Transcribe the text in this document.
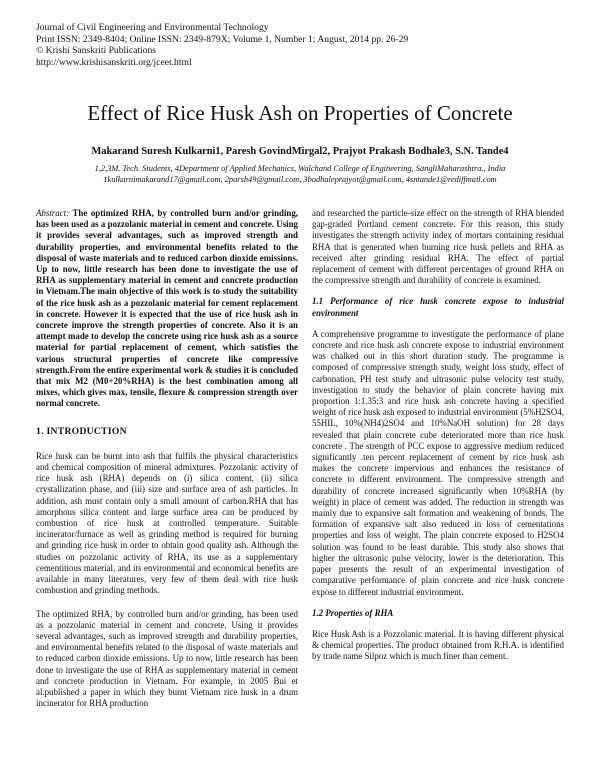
Journal of Civil Engineering and Environmental Technology
Print ISSN: 2349-8404; Online ISSN: 2349-879X; Volume 1, Number 1; August, 2014 pp. 26-29
© Krishi Sanskriti Publications
http://www.krishisanskriti.org/jceet.html
Effect of Rice Husk Ash on Properties of Concrete
Makarand Suresh Kulkarni1, Paresh GovindMirgal2, Prajyot Prakash Bodhale3, S.N. Tande4
1,2,3M. Tech. Students, 4Department of Applied Mechanics, Walchand College of Engineering, SangliMaharashtra., India
1kulkarnimakarand17@gmail.com, 2parsh49@gmail.com, 3bodhaleprajyot@gmail.com, 4sntande1@rediffmail.com

Abstract: The optimized RHA, by controlled burn and/or grinding, has been used as a pozzolanic material in cement and concrete. Using it provides several advantages, such as improved strength and durability properties, and environmental benefits related to the disposal of waste materials and to reduced carbon dioxide emissions. Up to now, little research has been done to investigate the use of RHA as supplementary material in cement and concrete production in Vietnam.The main objective of this work is to study the suitability of the rice husk ash as a pozzolanic material for cement replacement in concrete. However it is expected that the use of rice husk ash in concrete improve the strength properties of concrete. Also it is an attempt made to develop the concrete using rice husk ash as a source material for partial replacement of cement, which satisfies the various structural properties of concrete like compressive strength.From the entire experimental work & studies it is concluded that mix M2 (M0+20%RHA) is the best combination among all mixes, which gives max, tensile, flexure & compression strength over normal concrete.

1. INTRODUCTION

Rice husk can be burnt into ash that fulfils the physical characteristics and chemical composition of mineral admixtures. Pozzolanic activity of rice husk ash (RHA) depends on (i) silica content, (ii) silica crystallization phase, and (iii) size and surface area of ash particles. In addition, ash must contain only a small amount of carbon.RHA that has amorphous silica content and large surface area can be produced by combustion of rice husk at controlled temperature. Suitable incinerator/furnace as well as grinding method is required for burning and grinding rice husk in order to obtain good quality ash. Although the studies on pozzolanic activity of RHA, its use as a supplementary cementitious material, and its environmental and economical benefits are available in many literatures, very few of them deal with rice husk combustion and grinding methods.

The optimized RHA, by controlled burn and/or grinding, has been used as a pozzolanic material in cement and concrete. Using it provides several advantages, such as improved strength and durability properties, and environmental benefits related to the disposal of waste materials and to reduced carbon dioxide emissions. Up to now, little research has been done to investigate the use of RHA as supplementary material in cement and concrete production in Vietnam. For example, in 2005 Bui et al.published a paper in which they burnt Vietnam rice husk in a drum incinerator for RHA production

and researched the particle-size effect on the strength of RHA blended gap-graded Portland cement concrete. For this reason, this study investigates the strength activity index of mortars containing residual RHA that is generated when burning rice husk pellets and RHA as received after grinding residual RHA. The effect of partial replacement of cement with different percentages of ground RHA on the compressive strength and durability of concrete is examined.

1.1 Performance of rice husk concrete expose to industrial environment

A comprehensive programme to investigate the performance of plane concrete and rice husk ash concrete expose to industrial environment was chalked out in this short duration study. The programme is composed of compressive strength study, weight loss study, effect of carbonation, PH test study and ultrasonic pulse velocity test study, investigation to study the behavior of plain concrete having mix proportion 1:1.35:3 and rice husk ash concrete having a specified weight of rice husk ash exposed to industrial environment (5%H2SO4, 55HIL, 10%(NH4)2SO4 and 10%NaOH solution) for 28 days revealed that plain concrete cube deteriorated more than rice husk concrete . The strength of PCC expose to aggressive medium reduced significantly .ten percent replacement of cement by rice husk ash makes the concrete impervious and enhances the resistance of concrete to different environment. The compressive strength and durability of concrete increased significantly when 10%RHA (by weight) in place of cement was added. The reduction in strength was mainly due to expansive salt formation and weakening of bonds. The formation of expansive salt also reduced in loss of cementations properties and loss of weight. The plain concrete exposed to H2SO4 solution was found to be least durable. This study also shows that higher the ultrasonic pulse velocity, lower is the deterioration. This paper presents the result of an experimental investigation of comparative performance of plain concrete and rice husk concrete expose to different industrial environment.

1.2 Properties of RHA

Rice Husk Ash is a Pozzolanic material. It is having different physical & chemical properties. The product obtained from R.H.A. is identified by trade name Silpoz which is much finer than cement.
